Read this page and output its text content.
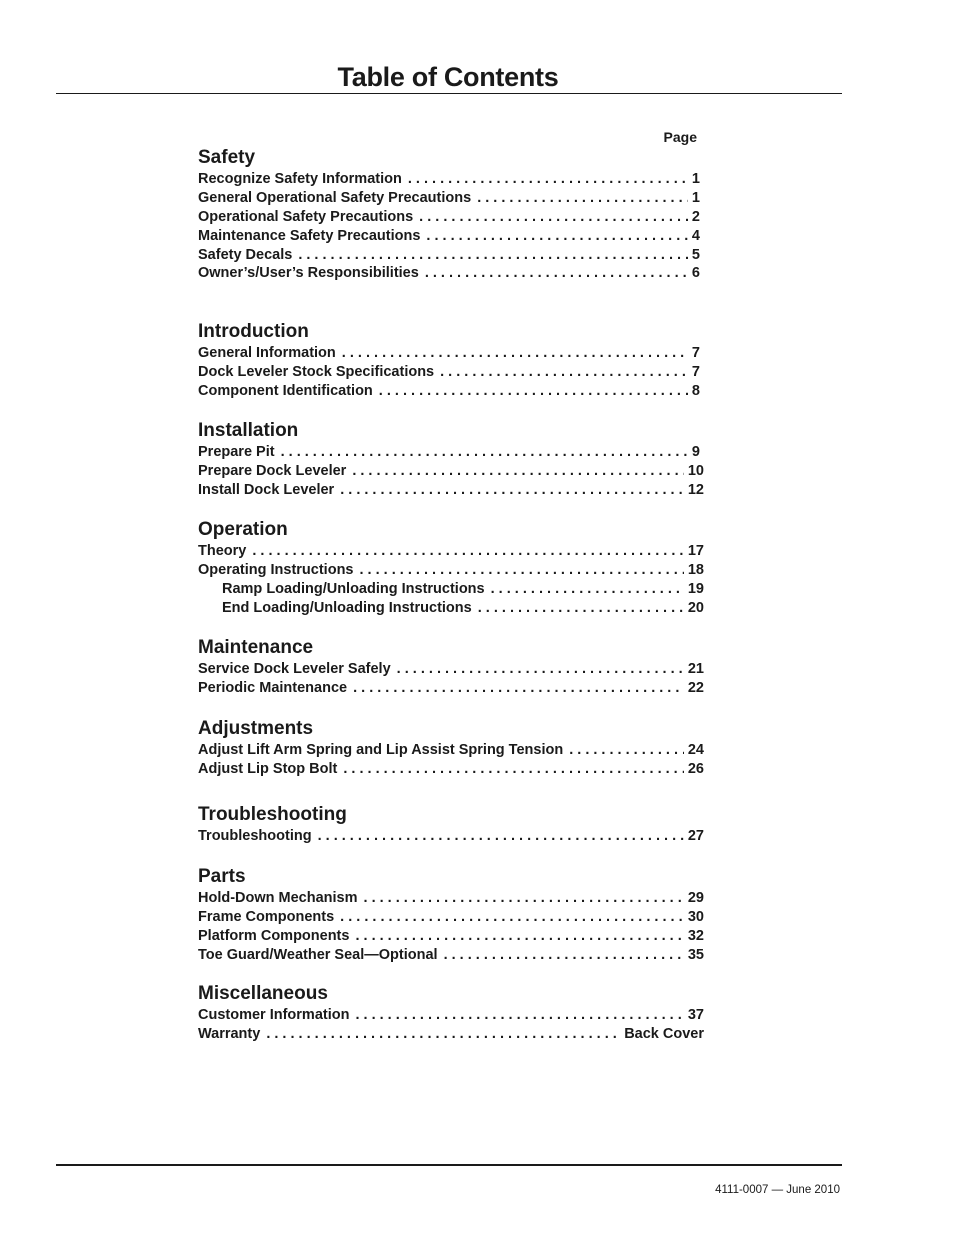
Table of Contents
Page
Safety
Recognize Safety Information . . .	1
General Operational Safety Precautions . . .	1
Operational Safety Precautions . . .	2
Maintenance Safety Precautions . . .	4
Safety Decals . . .	5
Owner’s/User’s Responsibilities . . .	6
Introduction
General Information . . .	7
Dock Leveler Stock Specifications . . .	7
Component Identification . . .	8
Installation
Prepare Pit . . .	9
Prepare Dock Leveler . . .	10
Install Dock Leveler . . .	12
Operation
Theory . . .	17
Operating Instructions . . .	18
Ramp Loading/Unloading Instructions . . .	19
End Loading/Unloading Instructions . . .	20
Maintenance
Service Dock Leveler Safely . . .	21
Periodic Maintenance . . .	22
Adjustments
Adjust Lift Arm Spring and Lip Assist Spring Tension . . .	24
Adjust Lip Stop Bolt . . .	26
Troubleshooting
Troubleshooting . . .	27
Parts
Hold-Down Mechanism . . .	29
Frame Components . . .	30
Platform Components . . .	32
Toe Guard/Weather Seal—Optional . . .	35
Miscellaneous
Customer Information . . .	37
Warranty . . .	Back Cover
4111-0007 — June 2010
